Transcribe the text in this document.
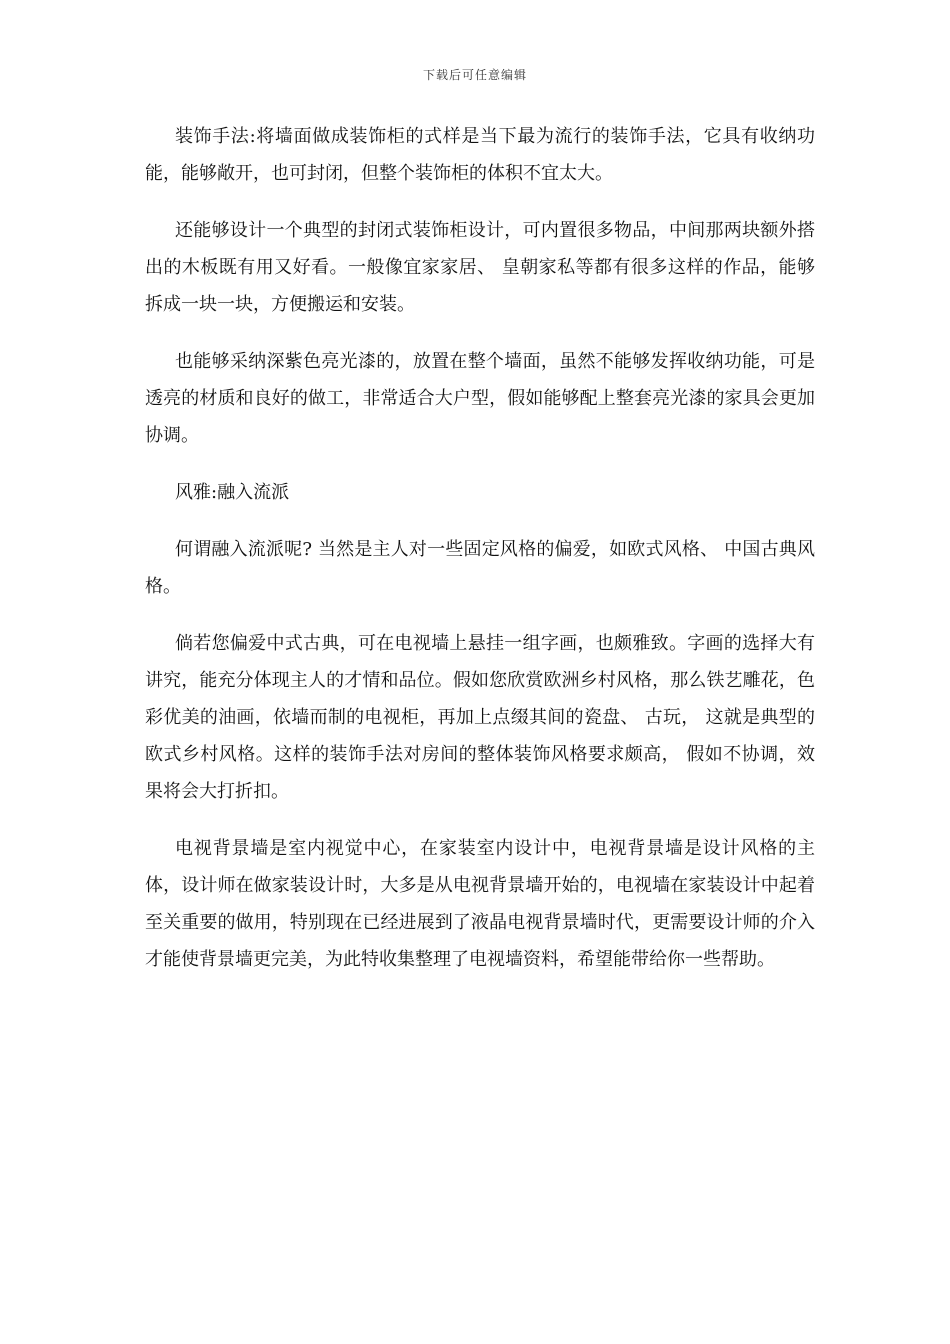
下载后可任意编辑

装饰手法:将墙面做成装饰柜的式样是当下最为流行的装饰手法，它具有收纳功能，能够敞开，也可封闭，但整个装饰柜的体积不宜太大。

还能够设计一个典型的封闭式装饰柜设计，可内置很多物品，中间那两块额外搭出的木板既有用又好看。一般像宜家家居、 皇朝家私等都有很多这样的作品，能够拆成一块一块，方便搬运和安装。

也能够采纳深紫色亮光漆的，放置在整个墙面，虽然不能够发挥收纳功能，可是透亮的材质和良好的做工，非常适合大户型，假如能够配上整套亮光漆的家具会更加协调。

风雅:融入流派

何谓融入流派呢? 当然是主人对一些固定风格的偏爱，如欧式风格、 中国古典风格。

倘若您偏爱中式古典，可在电视墙上悬挂一组字画，也颇雅致。字画的选择大有讲究，能充分体现主人的才情和品位。假如您欣赏欧洲乡村风格，那么铁艺雕花，色彩优美的油画，依墙而制的电视柜，再加上点缀其间的瓷盘、 古玩， 这就是典型的欧式乡村风格。这样的装饰手法对房间的整体装饰风格要求颇高， 假如不协调，效果将会大打折扣。

电视背景墙是室内视觉中心，在家装室内设计中，电视背景墙是设计风格的主体，设计师在做家装设计时，大多是从电视背景墙开始的，电视墙在家装设计中起着至关重要的做用，特别现在已经进展到了液晶电视背景墙时代，更需要设计师的介入才能使背景墙更完美，为此特收集整理了电视墙资料，希望能带给你一些帮助。
